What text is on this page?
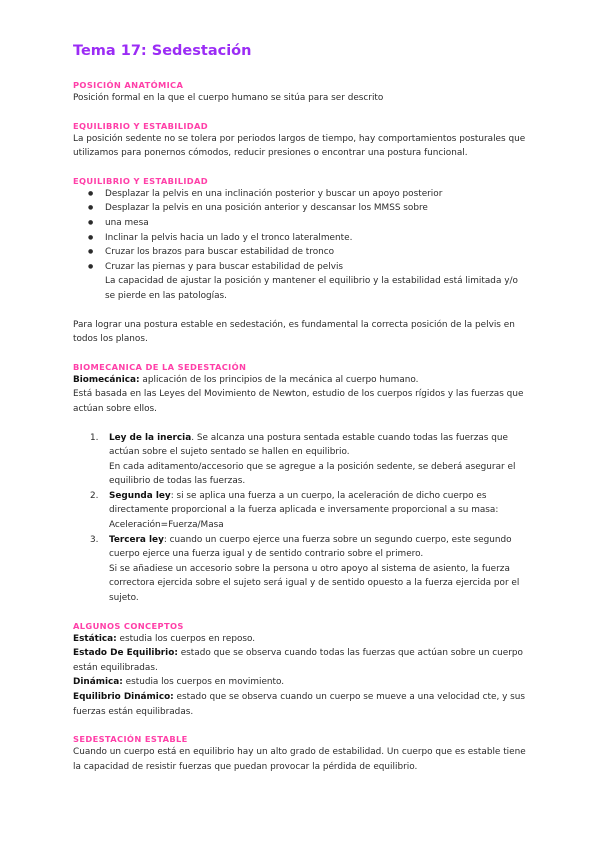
Tema 17: Sedestación
POSICIÓN ANATÓMICA

Posición formal en la que el cuerpo humano se sitúa para ser descrito

EQUILIBRIO Y ESTABILIDAD

La posición sedente no se tolera por periodos largos de tiempo, hay comportamientos posturales que utilizamos para ponernos cómodos, reducir presiones o encontrar una postura funcional.

EQUILIBRIO Y ESTABILIDAD
● Desplazar la pelvis en una inclinación posterior y buscar un apoyo posterior
● Desplazar la pelvis en una posición anterior y descansar los MMSS sobre
● una mesa
● Inclinar la pelvis hacia un lado y el tronco lateralmente.
● Cruzar los brazos para buscar estabilidad de tronco
● Cruzar las piernas y para buscar estabilidad de pelvis

La capacidad de ajustar la posición y mantener el equilibrio y la estabilidad está limitada y/o se pierde en las patologías.

Para lograr una postura estable en sedestación, es fundamental la correcta posición de la pelvis en todos los planos.

BIOMECANICA DE LA SEDESTACIÓN

Biomecánica: aplicación de los principios de la mecánica al cuerpo humano.

Está basada en las Leyes del Movimiento de Newton, estudio de los cuerpos rígidos y las fuerzas que actúan sobre ellos.

1. Ley de la inercia. Se alcanza una postura sentada estable cuando todas las fuerzas que actúan sobre el sujeto sentado se hallen en equilibrio.
En cada aditamento/accesorio que se agregue a la posición sedente, se deberá asegurar el equilibrio de todas las fuerzas.
2. Segunda ley: si se aplica una fuerza a un cuerpo, la aceleración de dicho cuerpo es directamente proporcional a la fuerza aplicada e inversamente proporcional a su masa: Aceleración=Fuerza/Masa
3. Tercera ley: cuando un cuerpo ejerce una fuerza sobre un segundo cuerpo, este segundo cuerpo ejerce una fuerza igual y de sentido contrario sobre el primero.
Si se añadiese un accesorio sobre la persona u otro apoyo al sistema de asiento, la fuerza correctora ejercida sobre el sujeto será igual y de sentido opuesto a la fuerza ejercida por el sujeto.
ALGUNOS CONCEPTOS

Estática: estudia los cuerpos en reposo.

Estado De Equilibrio: estado que se observa cuando todas las fuerzas que actúan sobre un cuerpo están equilibradas.

Dinámica: estudia los cuerpos en movimiento.

Equilibrio Dinámico: estado que se observa cuando un cuerpo se mueve a una velocidad cte, y sus fuerzas están equilibradas.

SEDESTACIÓN ESTABLE

Cuando un cuerpo está en equilibrio hay un alto grado de estabilidad. Un cuerpo que es estable tiene la capacidad de resistir fuerzas que puedan provocar la pérdida de equilibrio.
